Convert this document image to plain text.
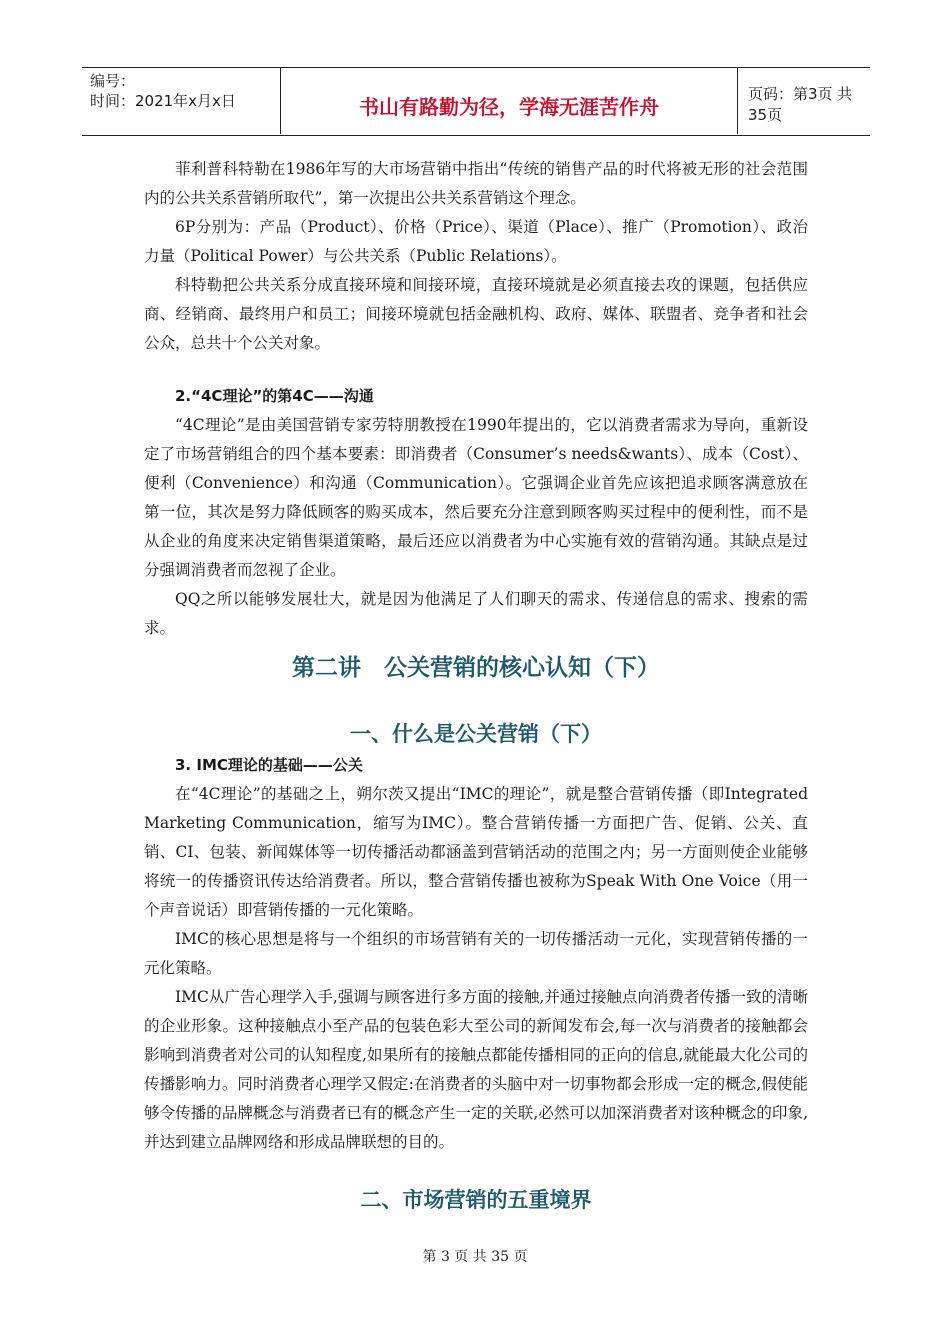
编号：
时间：2021年x月x日	书山有路勤为径，学海无涯苦作舟
页码：第3页 共35页

菲利普科特勒在1986年写的大市场营销中指出“传统的销售产品的时代将被无形的社会范围内的公共关系营销所取代”，第一次提出公共关系营销这个理念。

6P分别为：产品（Product）、价格（Price）、渠道（Place）、推广（Promotion）、政治力量（Political Power）与公共关系（Public Relations）。

科特勒把公共关系分成直接环境和间接环境，直接环境就是必须直接去攻的课题，包括供应商、经销商、最终用户和员工；间接环境就包括金融机构、政府、媒体、联盟者、竞争者和社会公众，总共十个公关对象。

2.“4C理论”的第4C——沟通

“4C理论”是由美国营销专家劳特朋教授在1990年提出的，它以消费者需求为导向，重新设定了市场营销组合的四个基本要素：即消费者（Consumer’s needs&wants）、成本（Cost）、便利（Convenience）和沟通（Communication）。它强调企业首先应该把追求顾客满意放在第一位，其次是努力降低顾客的购买成本，然后要充分注意到顾客购买过程中的便利性，而不是从企业的角度来决定销售渠道策略，最后还应以消费者为中心实施有效的营销沟通。其缺点是过分强调消费者而忽视了企业。

QQ之所以能够发展壮大，就是因为他满足了人们聊天的需求、传递信息的需求、搜索的需求。

第二讲　公关营销的核心认知（下）
一、什么是公关营销（下）
3. IMC理论的基础——公关

在“4C理论”的基础之上，朔尔茨又提出“IMC的理论”，就是整合营销传播（即Integrated Marketing Communication，缩写为IMC）。整合营销传播一方面把广告、促销、公关、直销、CI、包装、新闻媒体等一切传播活动都涵盖到营销活动的范围之内；另一方面则使企业能够将统一的传播资讯传达给消费者。所以，整合营销传播也被称为Speak With One Voice（用一个声音说话）即营销传播的一元化策略。

IMC的核心思想是将与一个组织的市场营销有关的一切传播活动一元化，实现营销传播的一元化策略。

IMC从广告心理学入手,强调与顾客进行多方面的接触,并通过接触点向消费者传播一致的清晰的企业形象。这种接触点小至产品的包装色彩大至公司的新闻发布会,每一次与消费者的接触都会影响到消费者对公司的认知程度,如果所有的接触点都能传播相同的正向的信息,就能最大化公司的传播影响力。同时消费者心理学又假定:在消费者的头脑中对一切事物都会形成一定的概念,假使能够令传播的品牌概念与消费者已有的概念产生一定的关联,必然可以加深消费者对该种概念的印象,并达到建立品牌网络和形成品牌联想的目的。

二、市场营销的五重境界
第 3 页 共 35 页
